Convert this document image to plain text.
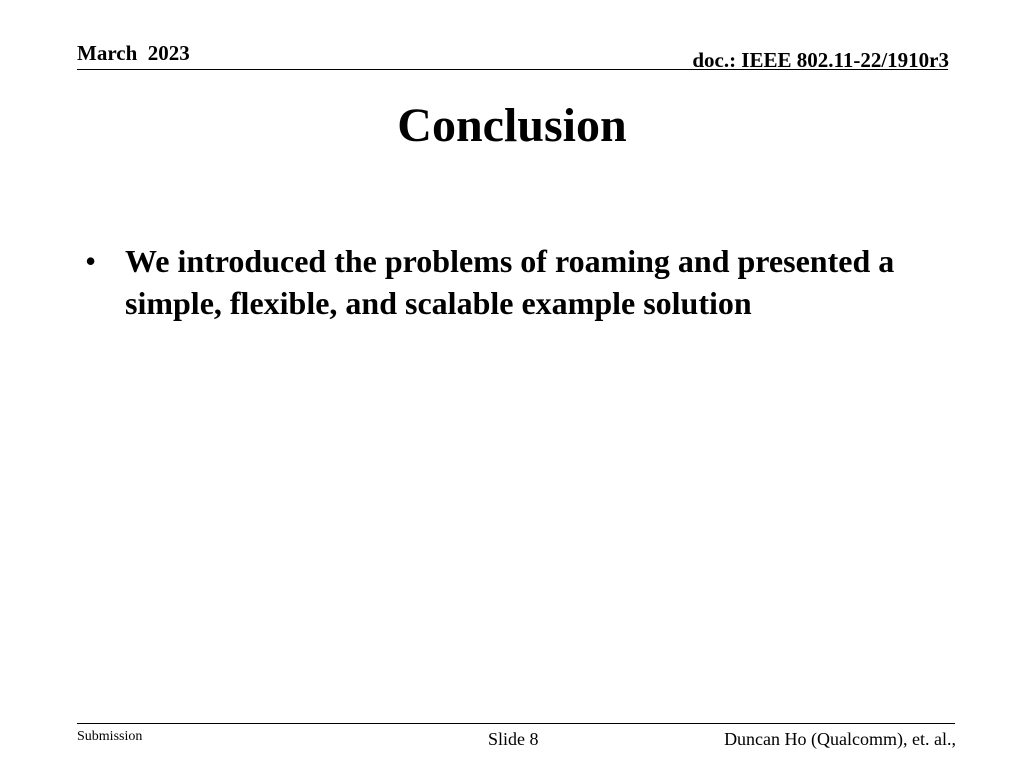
March  2023	doc.: IEEE 802.11-22/1910r3
Conclusion
• We introduced the problems of roaming and presented a simple, flexible, and scalable example solution
Submission	Slide 8	Duncan Ho (Qualcomm), et. al.,
